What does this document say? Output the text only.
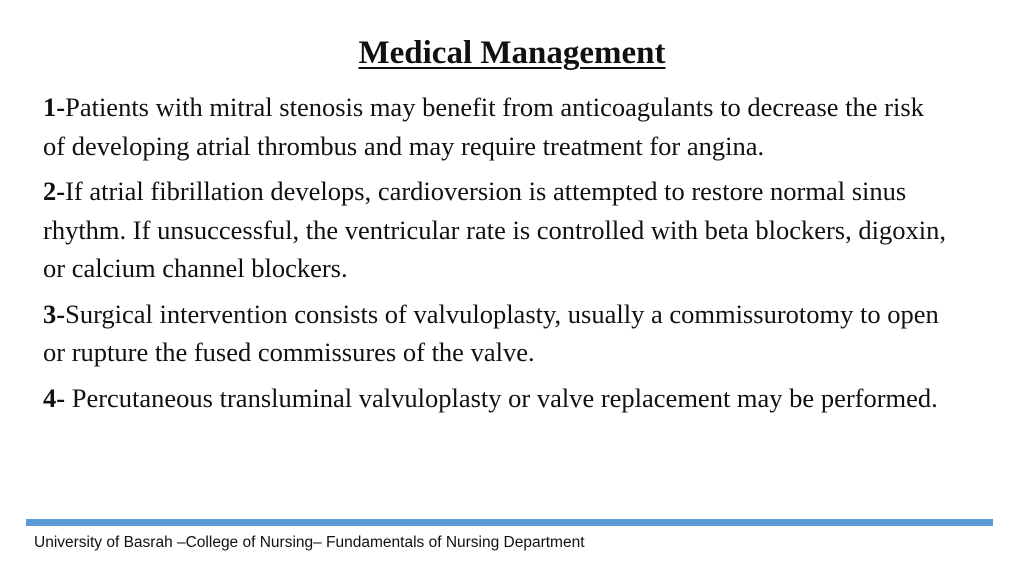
Medical Management
1-Patients with mitral stenosis may benefit from anticoagulants to decrease the risk of developing atrial thrombus and may require treatment for angina.
2-If atrial fibrillation develops, cardioversion is attempted to restore normal sinus rhythm. If unsuccessful, the ventricular rate is controlled with beta blockers, digoxin, or calcium channel blockers.
3-Surgical intervention consists of valvuloplasty, usually a commissurotomy to open or rupture the fused commissures of the valve.
4- Percutaneous transluminal valvuloplasty or valve replacement may be performed.
University of Basrah –College of Nursing– Fundamentals of Nursing Department
